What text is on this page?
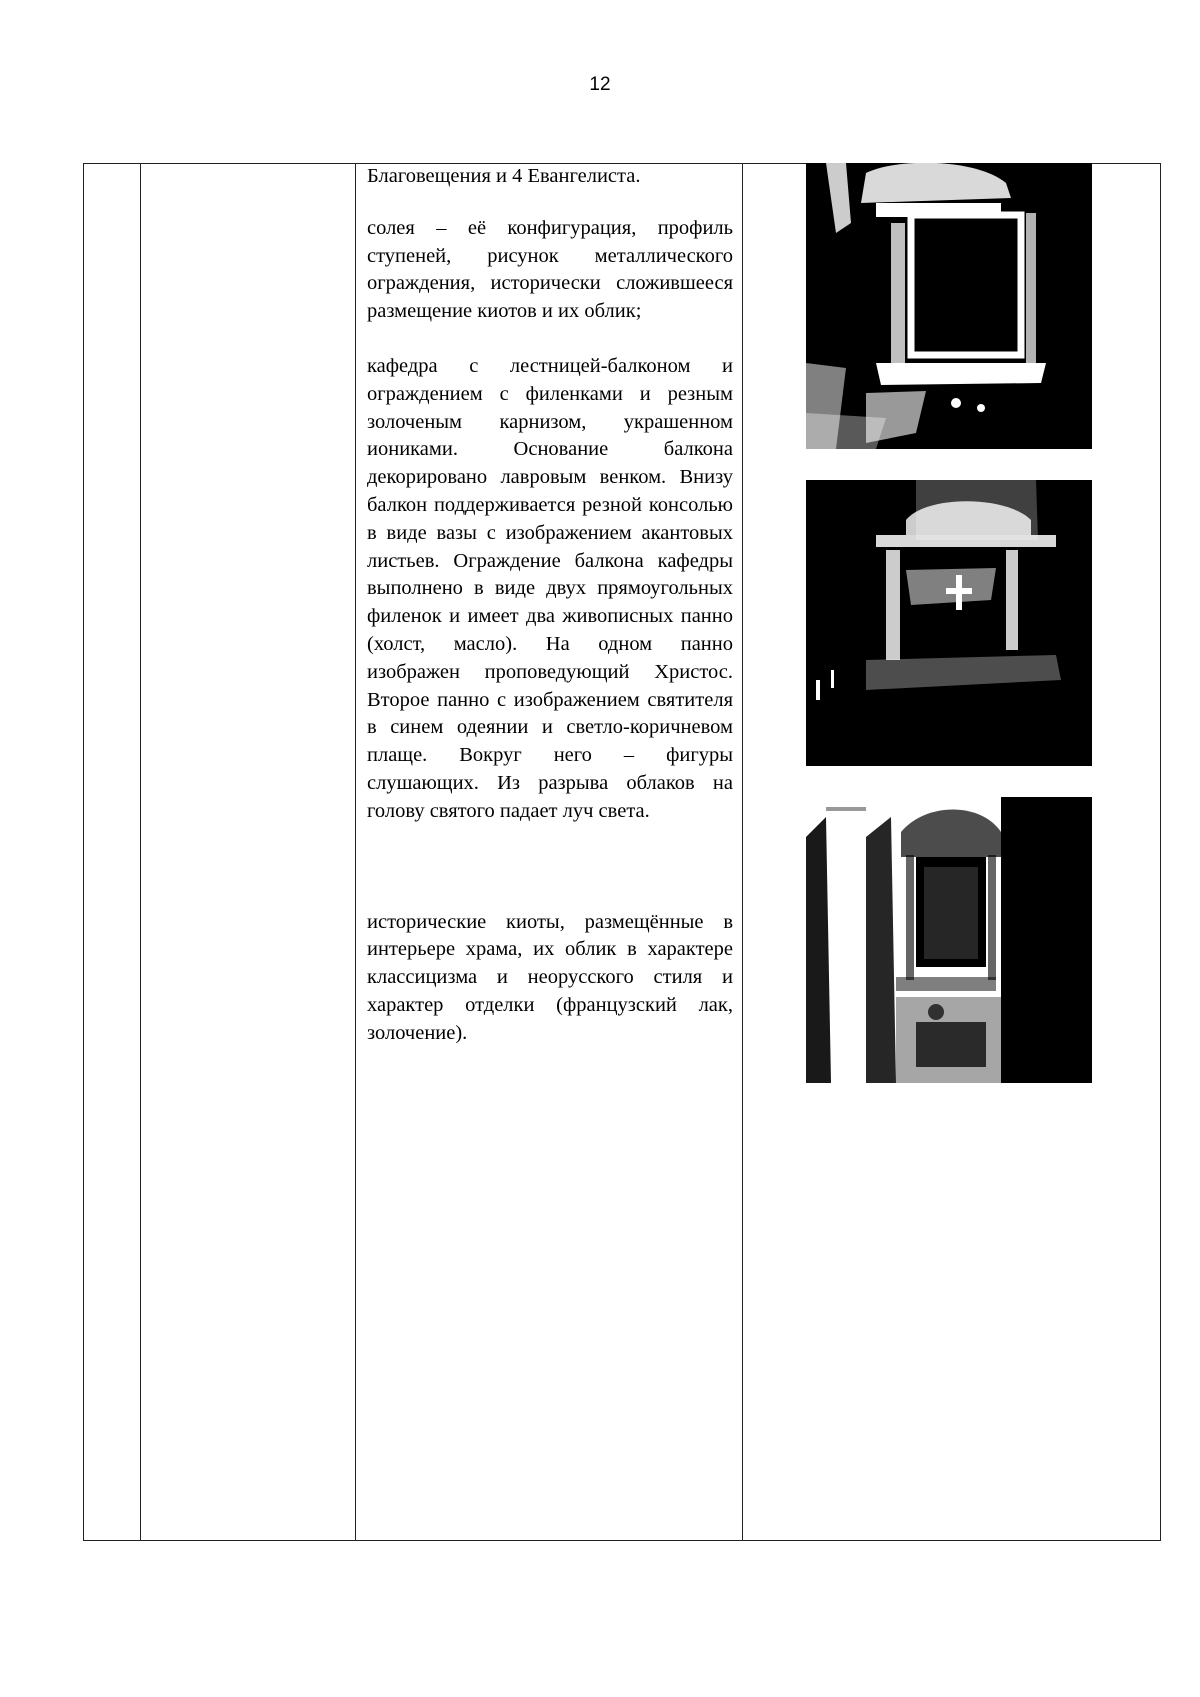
12

Благовещения и 4 Евангелиста.

солея – её конфигурация, профиль ступеней, рисунок металлического ограждения, исторически сложившееся размещение киотов и их облик;

кафедра с лестницей-балконом и ограждением с филенками и резным золоченым карнизом, украшенном иониками. Основание балкона декорировано лавровым венком. Внизу балкон поддерживается резной консолью в виде вазы с изображением акантовых листьев. Ограждение балкона кафедры выполнено в виде двух прямоугольных филенок и имеет два живописных панно (холст, масло). На одном панно изображен проповедующий Христос. Второе панно с изображением святителя в синем одеянии и светло-коричневом плаще. Вокруг него – фигуры слушающих. Из разрыва облаков на голову святого падает луч света.

исторические киоты, размещённые в интерьере храма, их облик в характере классицизма и неорусского стиля и характер отделки (французский лак, золочение).
